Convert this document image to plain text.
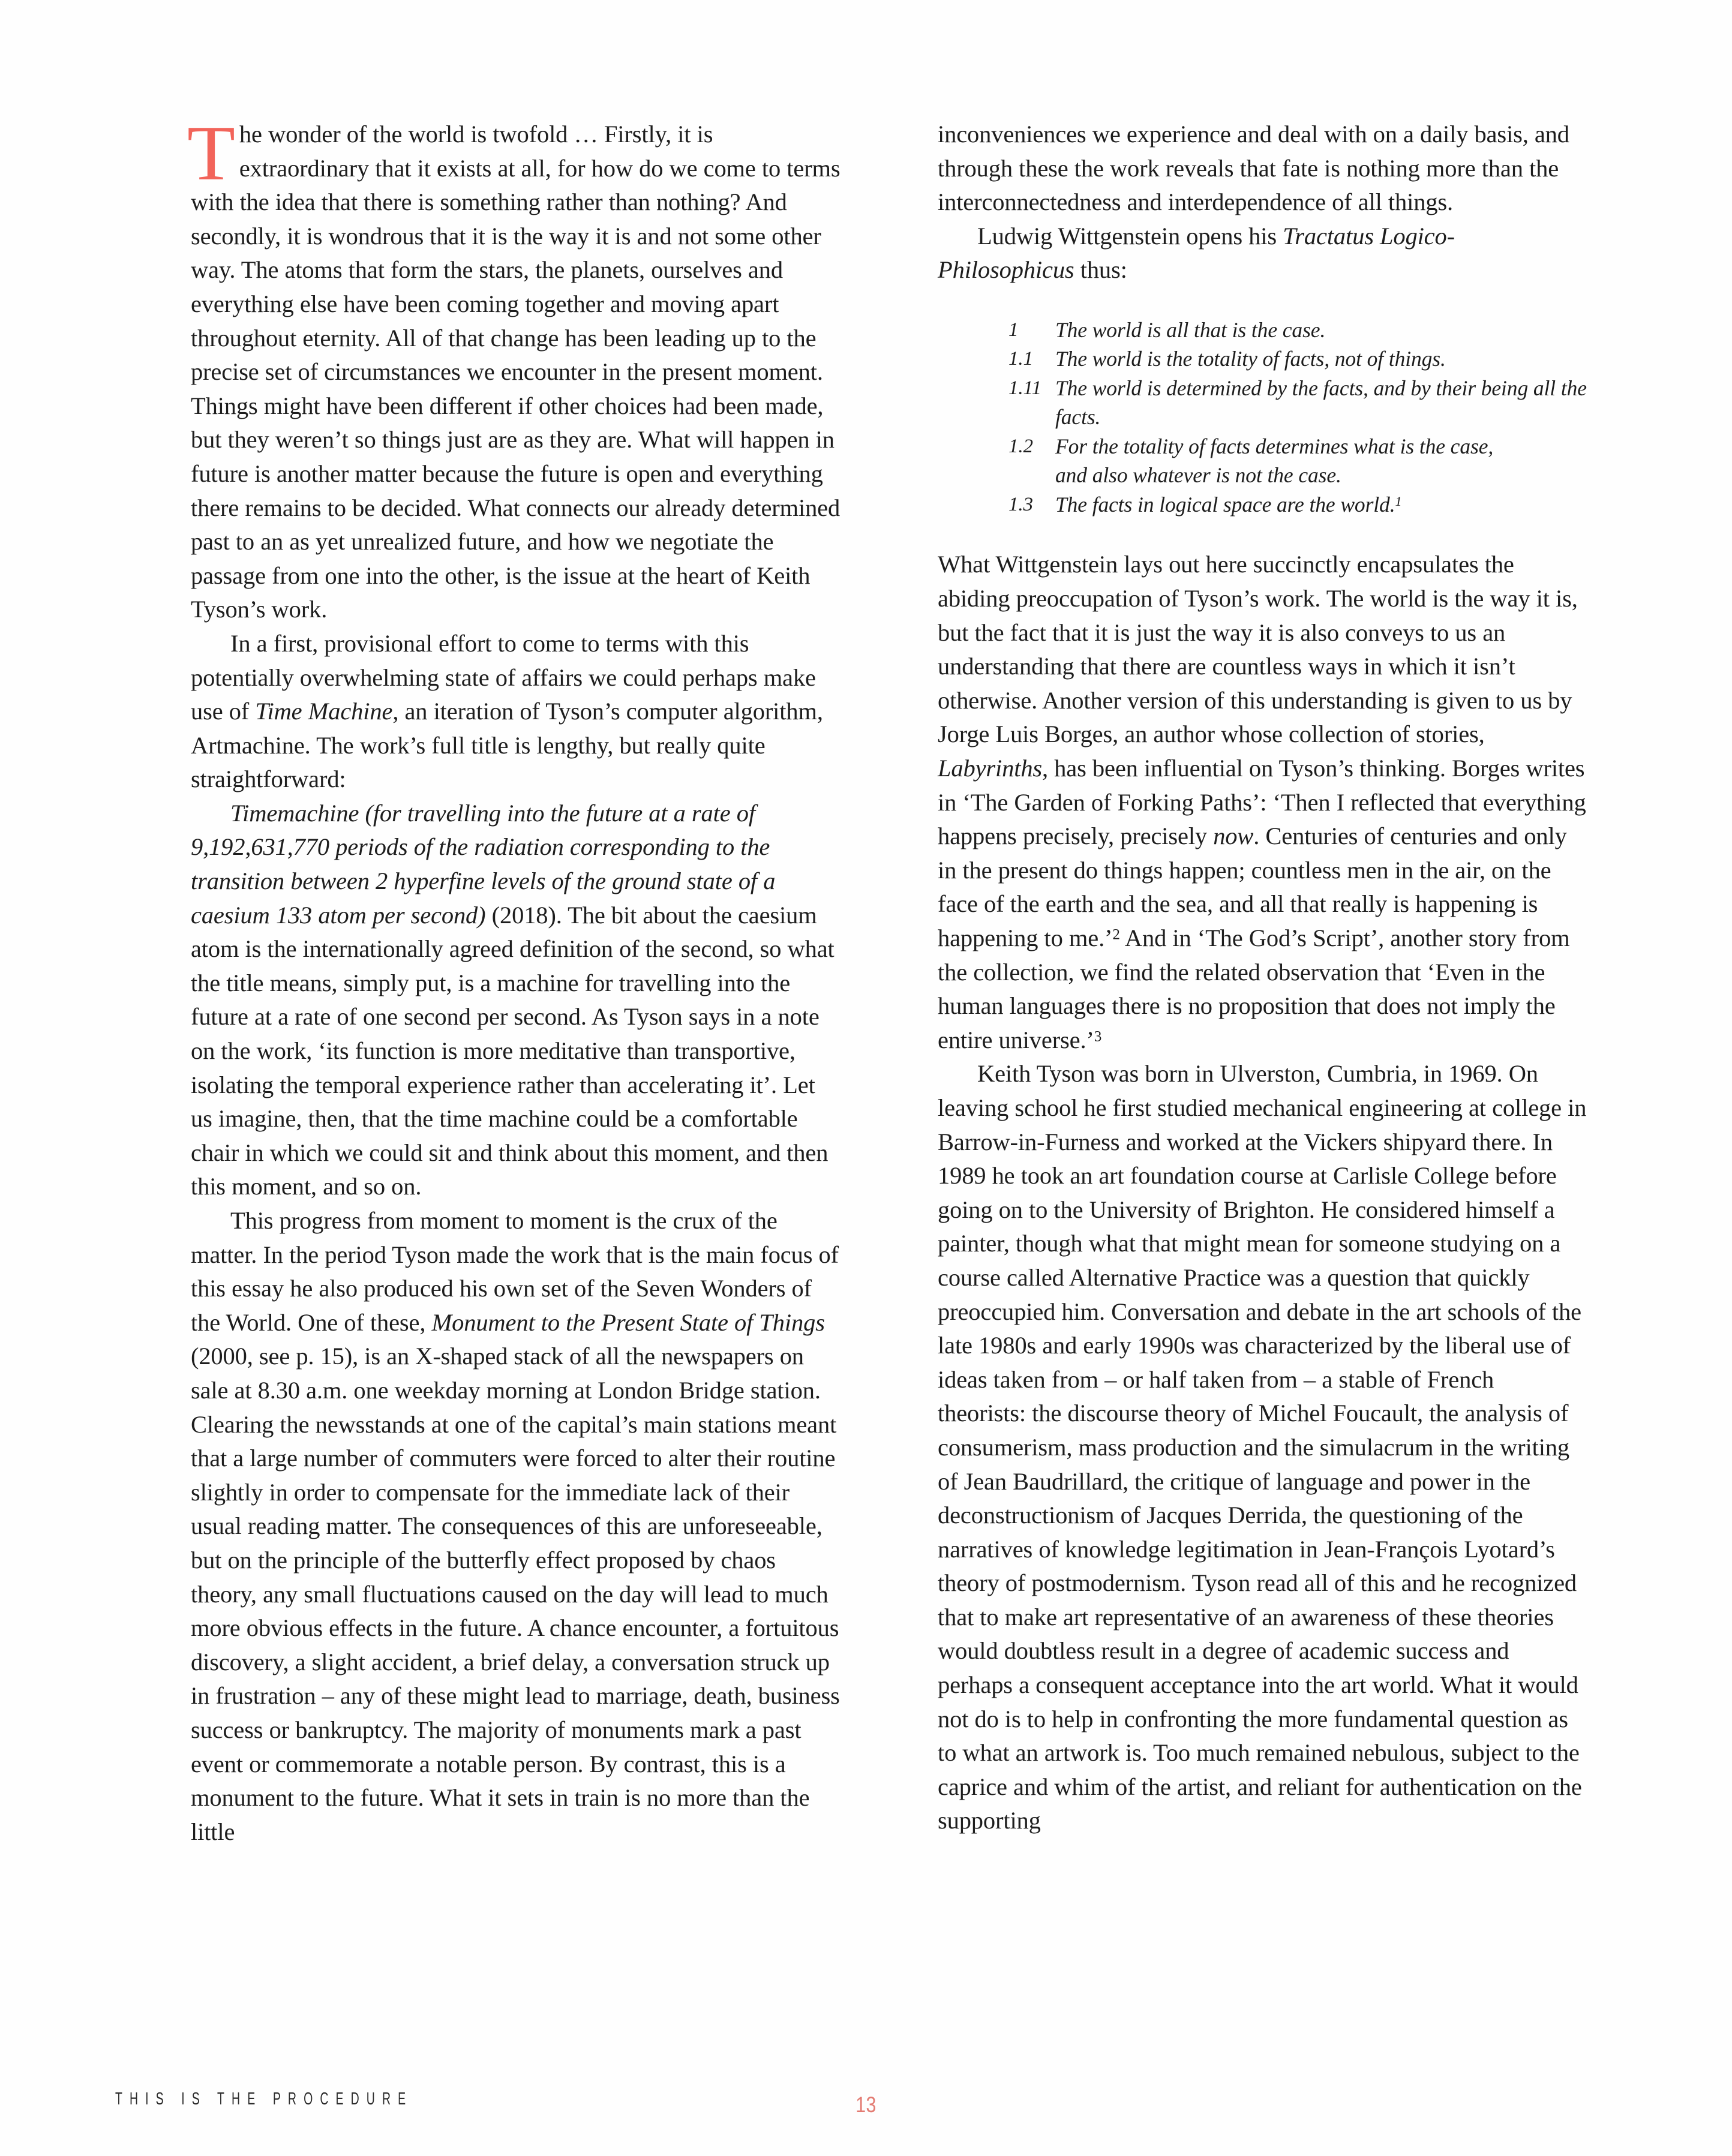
The wonder of the world is twofold … Firstly, it is extraordinary that it exists at all, for how do we come to terms with the idea that there is something rather than nothing? And secondly, it is wondrous that it is the way it is and not some other way. The atoms that form the stars, the planets, ourselves and everything else have been coming together and moving apart throughout eternity. All of that change has been leading up to the precise set of circumstances we encounter in the present moment. Things might have been different if other choices had been made, but they weren’t so things just are as they are. What will happen in future is another matter because the future is open and everything there remains to be decided. What connects our already determined past to an as yet unrealized future, and how we negotiate the passage from one into the other, is the issue at the heart of Keith Tyson’s work.

In a first, provisional effort to come to terms with this potentially overwhelming state of affairs we could perhaps make use of Time Machine, an iteration of Tyson’s computer algorithm, Artmachine. The work’s full title is lengthy, but really quite straightforward:

Timemachine (for travelling into the future at a rate of 9,192,631,770 periods of the radiation corresponding to the transition between 2 hyperfine levels of the ground state of a caesium 133 atom per second) (2018). The bit about the caesium atom is the internationally agreed definition of the second, so what the title means, simply put, is a machine for travelling into the future at a rate of one second per second. As Tyson says in a note on the work, ‘its function is more meditative than transportive, isolating the temporal experience rather than accelerating it’. Let us imagine, then, that the time machine could be a comfortable chair in which we could sit and think about this moment, and then this moment, and so on.

This progress from moment to moment is the crux of the matter. In the period Tyson made the work that is the main focus of this essay he also produced his own set of the Seven Wonders of the World. One of these, Monument to the Present State of Things (2000, see p. 15), is an X-shaped stack of all the newspapers on sale at 8.30 a.m. one weekday morning at London Bridge station. Clearing the newsstands at one of the capital’s main stations meant that a large number of commuters were forced to alter their routine slightly in order to compensate for the immediate lack of their usual reading matter. The consequences of this are unforeseeable, but on the principle of the butterfly effect proposed by chaos theory, any small fluctuations caused on the day will lead to much more obvious effects in the future. A chance encounter, a fortuitous discovery, a slight accident, a brief delay, a conversation struck up in frustration – any of these might lead to marriage, death, business success or bankruptcy. The majority of monuments mark a past event or commemorate a notable person. By contrast, this is a monument to the future. What it sets in train is no more than the little

inconveniences we experience and deal with on a daily basis, and through these the work reveals that fate is nothing more than the interconnectedness and interdependence of all things.

Ludwig Wittgenstein opens his Tractatus Logico-Philosophicus thus:

1	The world is all that is the case.
1.1	The world is the totality of facts, not of things.
1.11 The world is determined by the facts, and by their being all the facts.
1.2	For the totality of facts determines what is the case,
and also whatever is not the case.
1.3	The facts in logical space are the world.$^1$

What Wittgenstein lays out here succinctly encapsulates the abiding preoccupation of Tyson’s work. The world is the way it is, but the fact that it is just the way it is also conveys to us an understanding that there are countless ways in which it isn’t otherwise. Another version of this understanding is given to us by Jorge Luis Borges, an author whose collection of stories, Labyrinths, has been influential on Tyson’s thinking. Borges writes in ‘The Garden of Forking Paths’: ‘Then I reflected that everything happens precisely, precisely now. Centuries of centuries and only in the present do things happen; countless men in the air, on the face of the earth and the sea, and all that really is happening is happening to me.’$^2$ And in ‘The God’s Script’, another story from the collection, we find the related observation that ‘Even in the human languages there is no proposition that does not imply the entire universe.’$^3$

Keith Tyson was born in Ulverston, Cumbria, in 1969. On leaving school he first studied mechanical engineering at college in Barrow-in-Furness and worked at the Vickers shipyard there. In 1989 he took an art foundation course at Carlisle College before going on to the University of Brighton. He considered himself a painter, though what that might mean for someone studying on a course called Alternative Practice was a question that quickly preoccupied him. Conversation and debate in the art schools of the late 1980s and early 1990s was characterized by the liberal use of ideas taken from – or half taken from – a stable of French theorists: the discourse theory of Michel Foucault, the analysis of consumerism, mass production and the simulacrum in the writing of Jean Baudrillard, the critique of language and power in the deconstructionism of Jacques Derrida, the questioning of the narratives of knowledge legitimation in Jean-François Lyotard’s theory of postmodernism. Tyson read all of this and he recognized that to make art representative of an awareness of these theories would doubtless result in a degree of academic success and perhaps a consequent acceptance into the art world. What it would not do is to help in confronting the more fundamental question as to what an artwork is. Too much remained nebulous, subject to the caprice and whim of the artist, and reliant for authentication on the supporting

THIS IS THE PROCEDURE	13
